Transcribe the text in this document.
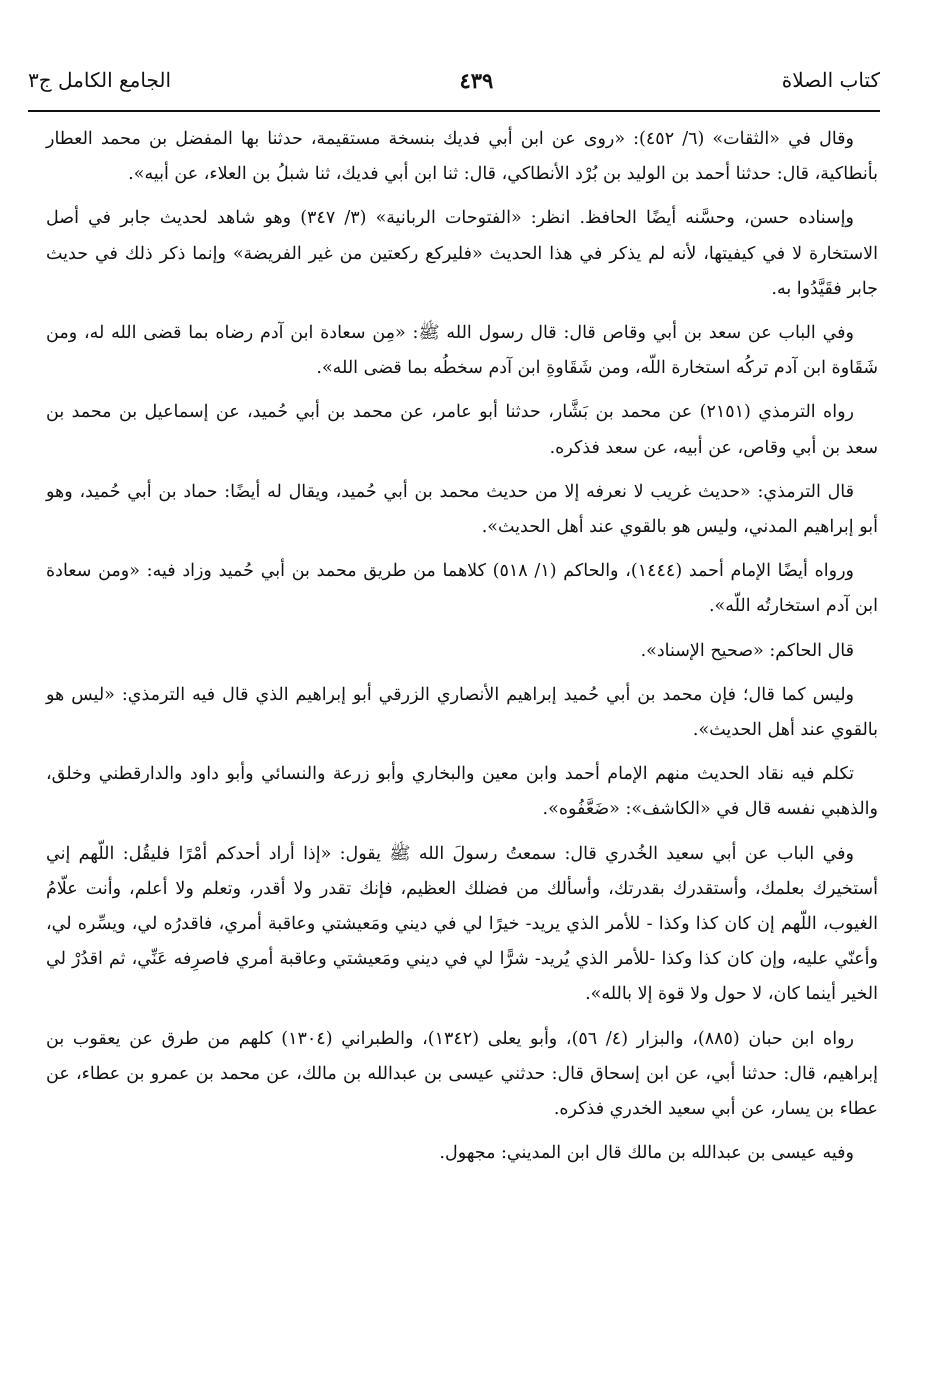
كتاب الصلاة
٤٣٩
الجامع الكامل ج٣

وقال في «الثقات» (٦/ ٤٥٢): «روى عن ابن أبي فديك بنسخة مستقيمة، حدثنا بها المفضل بن محمد العطار بأنطاكية، قال: حدثنا أحمد بن الوليد بن بُرْد الأنطاكي، قال: ثنا ابن أبي فديك، ثنا شبلُ بن العلاء، عن أبيه».

وإسناده حسن، وحسَّنه أيضًا الحافظ. انظر: «الفتوحات الربانية» (٣/ ٣٤٧) وهو شاهد لحديث جابر في أصل الاستخارة لا في كيفيتها، لأنه لم يذكر في هذا الحديث «فليركع ركعتين من غير الفريضة» وإنما ذكر ذلك في حديث جابر فقَيَّدُوا به.

وفي الباب عن سعد بن أبي وقاص قال: قال رسول الله ﷺ: «مِن سعادة ابن آدم رضاه بما قضى الله له، ومن شَقَاوة ابن آدم تركُه استخارة اللّه، ومن شَقَاوةِ ابن آدم سخطُه بما قضى الله».

رواه الترمذي (٢١٥١) عن محمد بن بَشَّار، حدثنا أبو عامر، عن محمد بن أبي حُميد، عن إسماعيل بن محمد بن سعد بن أبي وقاص، عن أبيه، عن سعد فذكره.

قال الترمذي: «حديث غريب لا نعرفه إلا من حديث محمد بن أبي حُميد، ويقال له أيضًا: حماد بن أبي حُميد، وهو أبو إبراهيم المدني، وليس هو بالقوي عند أهل الحديث».

ورواه أيضًا الإمام أحمد (١٤٤٤)، والحاكم (١/ ٥١٨) كلاهما من طريق محمد بن أبي حُميد وزاد فيه: «ومن سعادة ابن آدم استخارتُه اللّه».

قال الحاكم: «صحيح الإسناد».

وليس كما قال؛ فإن محمد بن أبي حُميد إبراهيم الأنصاري الزرقي أبو إبراهيم الذي قال فيه الترمذي: «ليس هو بالقوي عند أهل الحديث».

تكلم فيه نقاد الحديث منهم الإمام أحمد وابن معين والبخاري وأبو زرعة والنسائي وأبو داود والدارقطني وخلق، والذهبي نفسه قال في «الكاشف»: «ضَعَّفُوه».

وفي الباب عن أبي سعيد الخُدري قال: سمعتُ رسولَ الله ﷺ يقول: «إذا أراد أحدكم أمْرًا فليقُل: اللّهم إني أستخيرك بعلمك، وأستقدرك بقدرتك، وأسألك من فضلك العظيم، فإنك تقدر ولا أقدر، وتعلم ولا أعلم، وأنت علّامُ الغيوب، اللّهم إن كان كذا وكذا - للأمر الذي يريد- خيرًا لي في ديني ومَعيشتي وعاقبة أمري، فاقدرُه لي، ويسِّره لي، وأعنّي عليه، وإن كان كذا وكذا -للأمر الذي يُريد- شرًّا لي في ديني ومَعيشتي وعاقبة أمري فاصرِفه عَنِّي، ثم اقدُرْ لي الخير أينما كان، لا حول ولا قوة إلا بالله».

رواه ابن حبان (٨٨٥)، والبزار (٤/ ٥٦)، وأبو يعلى (١٣٤٢)، والطبراني (١٣٠٤) كلهم من طرق عن يعقوب بن إبراهيم، قال: حدثنا أبي، عن ابن إسحاق قال: حدثني عيسى بن عبدالله بن مالك، عن محمد بن عمرو بن عطاء، عن عطاء بن يسار، عن أبي سعيد الخدري فذكره.

وفيه عيسى بن عبدالله بن مالك قال ابن المديني: مجهول.
